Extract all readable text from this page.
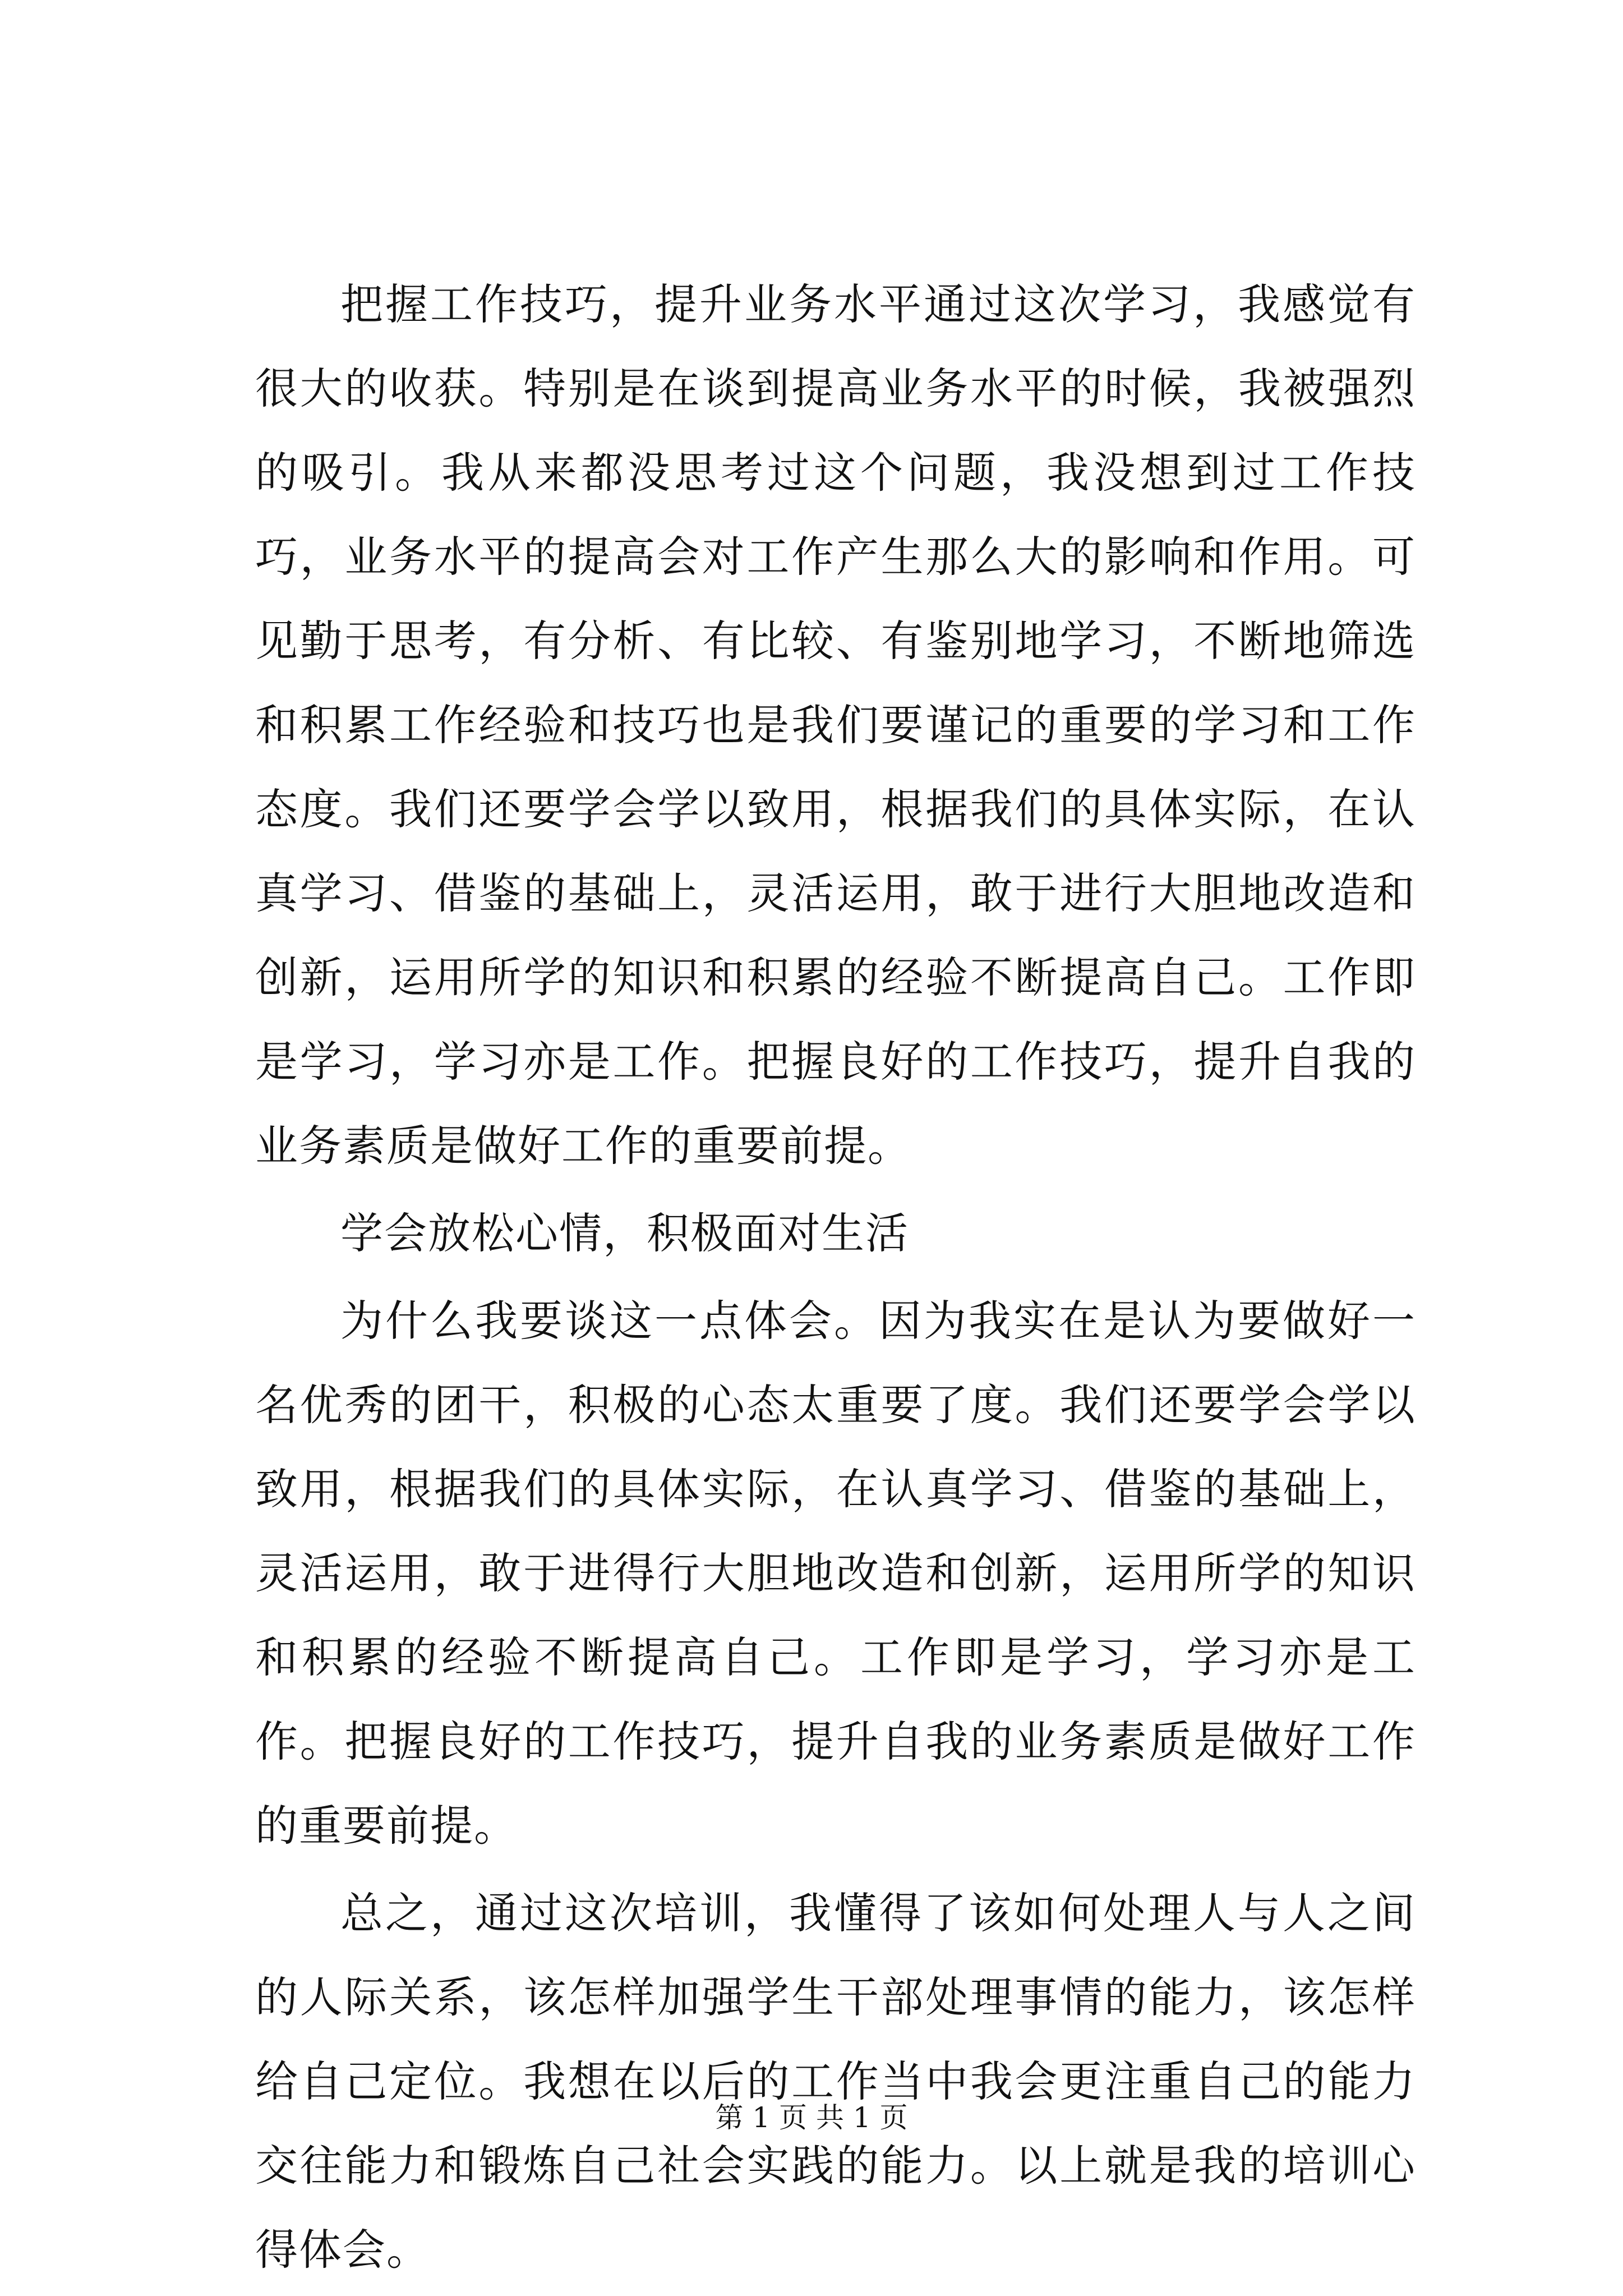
把握工作技巧，提升业务水平通过这次学习，我感觉有很大的收获。特别是在谈到提高业务水平的时候，我被强烈的吸引。我从来都没思考过这个问题，我没想到过工作技巧，业务水平的提高会对工作产生那么大的影响和作用。可见勤于思考，有分析、有比较、有鉴别地学习，不断地筛选和积累工作经验和技巧也是我们要谨记的重要的学习和工作态度。我们还要学会学以致用，根据我们的具体实际，在认真学习、借鉴的基础上，灵活运用，敢于进行大胆地改造和创新，运用所学的知识和积累的经验不断提高自己。工作即是学习，学习亦是工作。把握良好的工作技巧，提升自我的业务素质是做好工作的重要前提。

学会放松心情，积极面对生活

为什么我要谈这一点体会。因为我实在是认为要做好一名优秀的团干，积极的心态太重要了度。我们还要学会学以致用，根据我们的具体实际，在认真学习、借鉴的基础上，灵活运用，敢于进得行大胆地改造和创新，运用所学的知识和积累的经验不断提高自己。工作即是学习，学习亦是工作。把握良好的工作技巧，提升自我的业务素质是做好工作的重要前提。

总之，通过这次培训，我懂得了该如何处理人与人之间的人际关系，该怎样加强学生干部处理事情的能力，该怎样给自己定位。我想在以后的工作当中我会更注重自己的能力交往能力和锻炼自己社会实践的能力。以上就是我的培训心得体会。

第 1 页 共 1 页
